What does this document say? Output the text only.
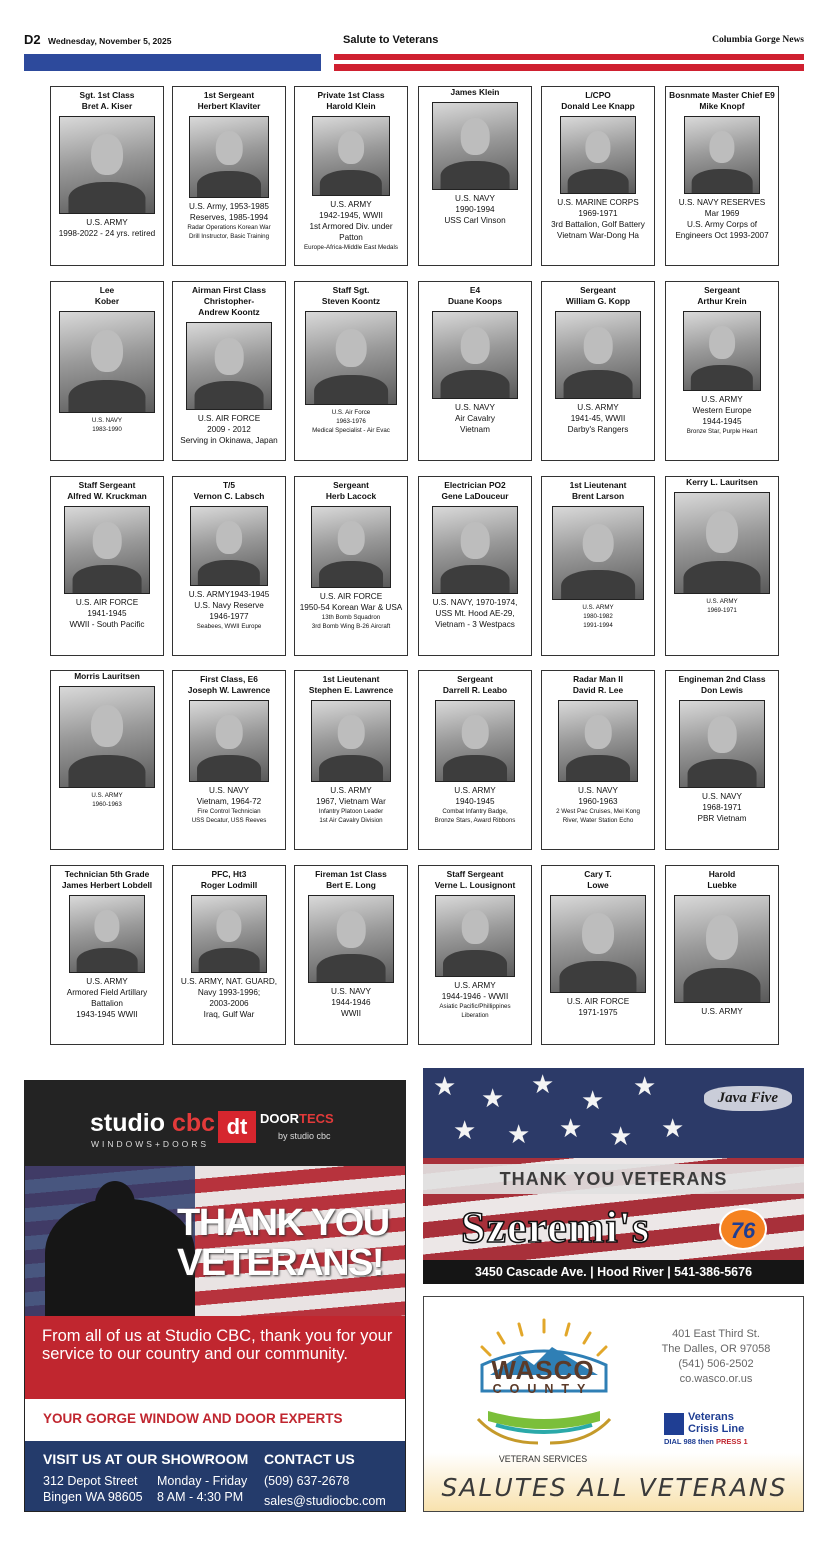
D2 Wednesday, November 5, 2025	Salute to Veterans	Columbia Gorge News
Sgt. 1st Class
Bret A. Kiser
U.S. ARMY
1998-2022 - 24 yrs. retired
1st Sergeant
Herbert Klaviter
U.S. Army, 1953-1985
Reserves, 1985-1994
Radar Operations Korean War
Drill Instructor, Basic Training
Private 1st Class
Harold Klein
U.S. ARMY
1942-1945, WWII
1st Armored Div. under Patton
Europe-Africa-Middle East Medals
James Klein
U.S. NAVY
1990-1994
USS Carl Vinson
L/CPO
Donald Lee Knapp
U.S. MARINE CORPS
1969-1971
3rd Battalion, Golf Battery
Vietnam War-Dong Ha
Bosnmate Master Chief E9
Mike Knopf
U.S. NAVY RESERVES
Mar 1969
U.S. Army Corps of
Engineers Oct 1993-2007
Lee
Kober
U.S. NAVY
1983-1990
Airman First Class
Christopher-
Andrew Koontz
U.S. AIR FORCE
2009 - 2012
Serving in Okinawa, Japan
Staff Sgt.
Steven Koontz
U.S. Air Force
1963-1976
Medical Specialist - Air Evac
E4
Duane Koops
U.S. NAVY
Air Cavalry
Vietnam
Sergeant
William G. Kopp
U.S. ARMY
1941-45, WWII
Darby's Rangers
Sergeant
Arthur Krein
U.S. ARMY
Western Europe
1944-1945
Bronze Star, Purple Heart
Staff Sergeant
Alfred W. Kruckman
U.S. AIR FORCE
1941-1945
WWII - South Pacific
T/5
Vernon C. Labsch
U.S. ARMY1943-1945
U.S. Navy Reserve
1946-1977
Seabees, WWII Europe
Sergeant
Herb Lacock
U.S. AIR FORCE
1950-54 Korean War & USA
13th Bomb Squadron
3rd Bomb Wing B-26 Aircraft
Electrician PO2
Gene LaDouceur
U.S. NAVY, 1970-1974,
USS Mt. Hood AE-29,
Vietnam - 3 Westpacs
1st Lieutenant
Brent Larson
U.S. ARMY
1980-1982
1991-1994
Kerry L. Lauritsen
U.S. ARMY
1969-1971
Morris Lauritsen
U.S. ARMY
1960-1963
First Class, E6
Joseph W. Lawrence
U.S. NAVY
Vietnam, 1964-72
Fire Control Technician
USS Decatur, USS Reeves
1st Lieutenant
Stephen E. Lawrence
U.S. ARMY
1967, Vietnam War
Infantry Platoon Leader
1st Air Cavalry Division
Sergeant
Darrell R. Leabo
U.S. ARMY
1940-1945
Combat Infantry Badge,
Bronze Stars, Award Ribbons
Radar Man II
David R. Lee
U.S. NAVY
1960-1963
2 West Pac Cruises, Mei Kong
River, Water Station Echo
Engineman 2nd Class
Don Lewis
U.S. NAVY
1968-1971
PBR Vietnam
Technician 5th Grade
James Herbert Lobdell
U.S. ARMY
Armored Field Artillary
Battalion
1943-1945 WWII
PFC, Ht3
Roger Lodmill
U.S. ARMY, NAT. GUARD,
Navy 1993-1996;
2003-2006
Iraq, Gulf War
Fireman 1st Class
Bert E. Long
U.S. NAVY
1944-1946
WWII
Staff Sergeant
Verne L. Lousignont
U.S. ARMY
1944-1946 - WWII
Asiatic Pacific/Phillippines
Liberation
Cary T.
Lowe
U.S. AIR FORCE
1971-1975
Harold
Luebke
U.S. ARMY
studio cbc
WINDOWS+DOORS
dt DOORTECS
by studio cbc
THANK YOU
VETERANS!
From all of us at Studio CBC, thank you for your service to our country and our community.
YOUR GORGE WINDOW AND DOOR EXPERTS
VISIT US AT OUR SHOWROOM
312 Depot Street
Bingen WA 98605
Monday - Friday
8 AM - 4:30 PM
CONTACT US
(509) 637-2678
sales@studiocbc.com
★ ★ ★
★ ★
★ ★ ★ ★ ★
Java Five
THANK YOU VETERANS
Szeremi's	76
3450 Cascade Ave. | Hood River | 541-386-5676
WASCO
COUNTY
VETERAN SERVICES
401 East Third St.
The Dalles, OR 97058
(541) 506-2502
co.wasco.or.us
Veterans
Crisis Line
DIAL 988 then PRESS 1
SALUTES ALL VETERANS
